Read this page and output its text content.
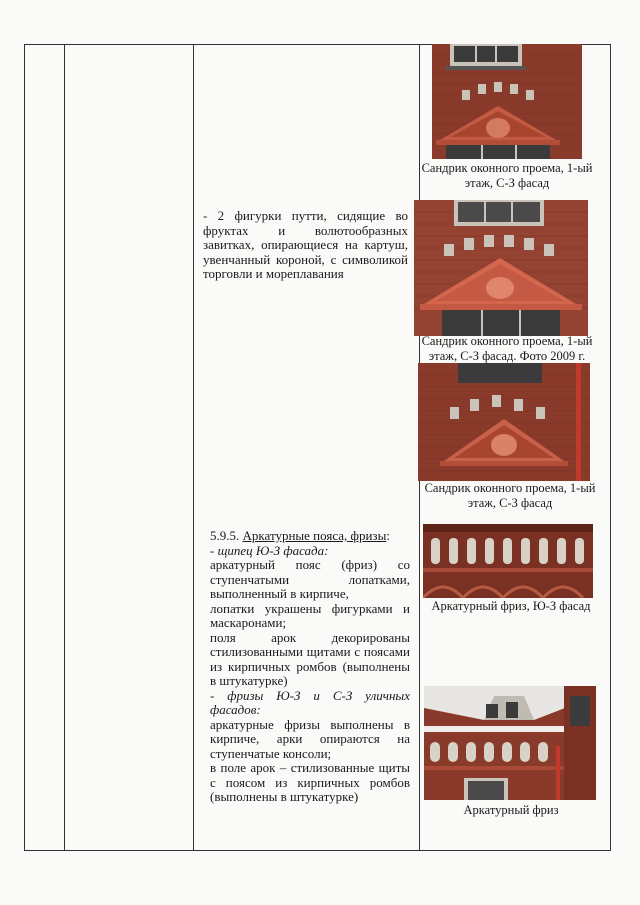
- 2 фигурки путти, сидящие во фруктах и волютообразных завитках, опирающиеся на картуш, увенчанный короной, с символикой торговли и мореплавания

5.9.5. Аркатурные пояса, фризы:
- щипец Ю-З фасада:

аркатурный пояс (фриз) со ступенчатыми лопатками, выполненный в кирпиче,

лопатки украшены фигурками и маскаронами;

поля арок декорированы стилизованными щитами с поясами из кирпичных ромбов (выполнены в штукатурке)

- фризы Ю-З и С-З уличных фасадов:

аркатурные фризы выполнены в кирпиче, арки опираются на ступенчатые консоли;

в поле арок – стилизованные щиты с поясом из кирпичных ромбов (выполнены в штукатурке)

Сандрик оконного проема, 1-ый этаж, С-З фасад
Сандрик оконного проема, 1-ый этаж, С-З фасад. Фото 2009 г.
Сандрик оконного проема, 1-ый этаж, С-З фасад
Аркатурный фриз, Ю-З фасад
Аркатурный фриз
